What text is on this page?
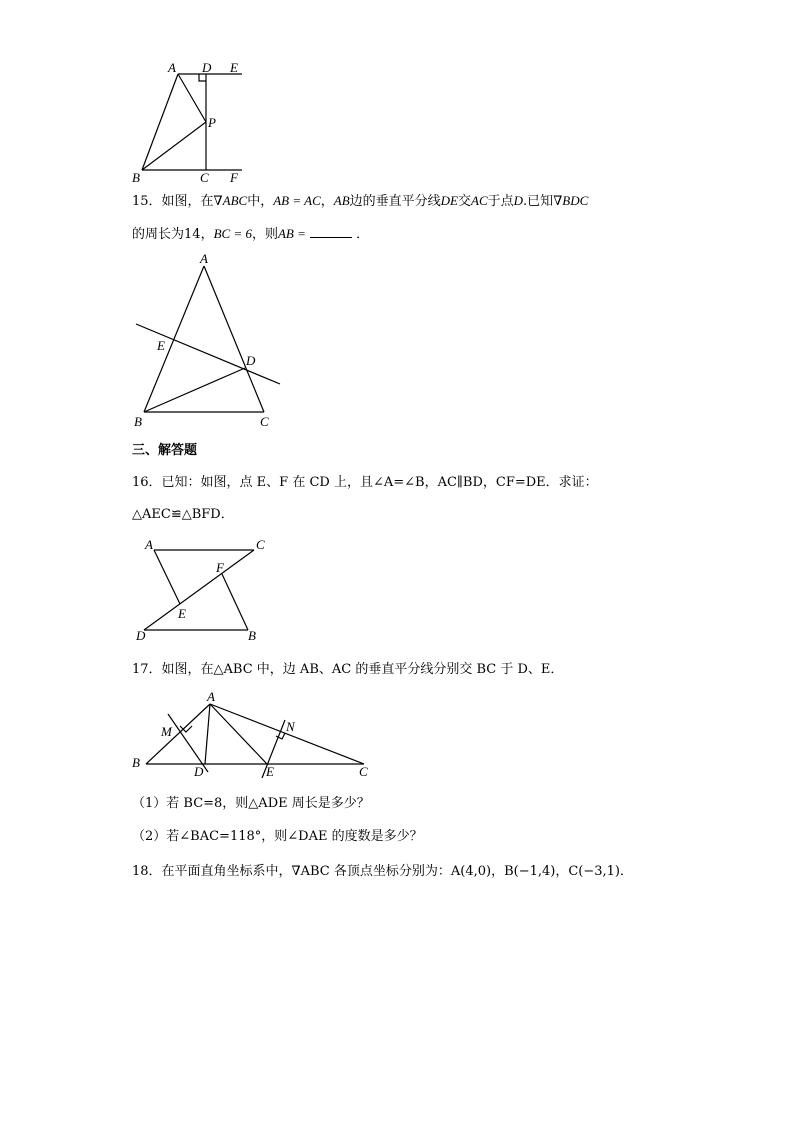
A D E
P
B	C F
15．如图，在∇ABC中，AB = AC，AB边的垂直平分线DE交AC于点D.已知∇BDC
的周长为14，BC = 6，则AB =	．
A
E
D
B	C
三、解答题
16．已知：如图，点 E、F 在 CD 上，且∠A=∠B，AC∥BD，CF=DE．求证：
△AEC≌△BFD．
A	C
F
E
D	B
17．如图，在△ABC 中，边 AB、AC 的垂直平分线分别交 BC 于 D、E．
A
M	N
B
D	E	C
（1）若 BC=8，则△ADE 周长是多少？
（2）若∠BAC=118°，则∠DAE 的度数是多少？
18．在平面直角坐标系中，∇ABC 各顶点坐标分别为：A(4,0)，B(−1,4)，C(−3,1)．
